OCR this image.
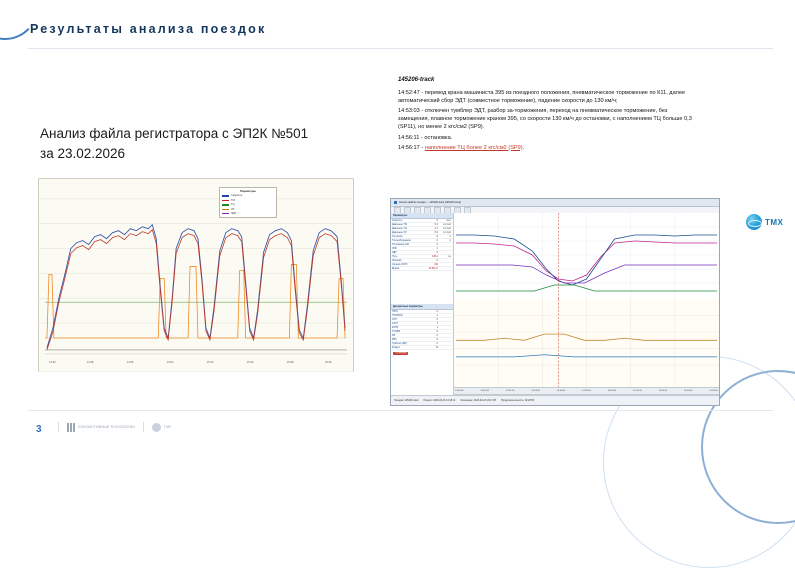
Результаты анализа поездок
Анализ файла регистратора с ЭП2К №501
за 23.02.2026
Параметры
Скорость
ТМ
ТЦ
УР
ЭДТ
14:40	14:48	14:56	15:04	15:12	15:20	15:28	15:36
145206-track

14:52:47 - перевод крана машиниста 395 из поездного положения, пневматическое торможение по К11, далее автоматический сбор ЭДТ (совместное торможение), падение скорости до 130 км/ч;

14:53:03 - отключен тумблер ЭДТ, разбор за-торможения, переход на пневматическое торможение, без замещения, плавное торможение краном 395, со скорости 130 км/ч до остановки, с наполнением ТЦ больше 0,3 (SP11), но менее 2 кгс/см2 (SP9).

14:56:11 - остановка.

14:56:17 - наполнение ТЦ более 2 кгс/см2 (SP9).

Анализ файла поездки — 145206-track [145206-track]
Параметры
Скорость	0	км/ч
Давление ТМ	5.4	кгс/см2
Давление ТЦ	2.1	кгс/см2
Давление УР	5.3	кгс/см2
Ток якоря	0	А
Ток возбуждения	0	А
Положение КМ	6
ЭПК	1
ЭДТ	0
Путь	145.2	км
Позиция	0
Сигнал АЛСН	КЖ
Время	14:56:17
Дискретные параметры
ТЯГА	0
ТОРМОЖ	1
ЭПТ	0
САУТ	1
КЛУБ	1
ТСКБМ	0
РБ	0
РБС	0
Тумблер ЭДТ	0
Реверс	В
Остановка
14:48:00	14:50:00	14:52:00	14:54:00	14:56:00	14:58:00	15:00:00	15:02:00	15:04:00	15:06:00	15:08:00
Поездка: 145206-track Начало: 2026-02-23 14:18:12 Окончание: 2026-02-23 16:47:08 Продолжительность: 02:28:56
ТМХ
3	ЛОКОМОТИВНЫЕ ТЕХНОЛОГИИ	ТМХ
